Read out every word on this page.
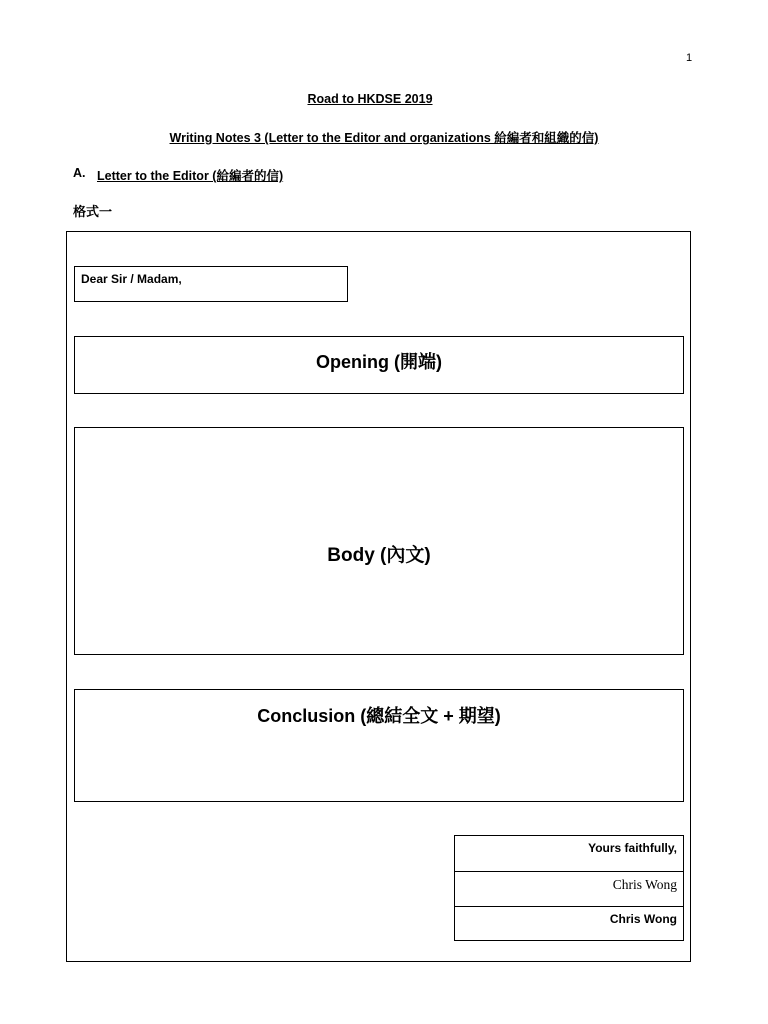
1
Road to HKDSE 2019
Writing Notes 3 (Letter to the Editor and organizations 給編者和組織的信)
A. Letter to the Editor (給編者的信)
格式一
Dear Sir / Madam,
Opening (開端)
Body (內文)
Conclusion (總結全文 + 期望)
Yours faithfully,
Chris Wong
Chris Wong
